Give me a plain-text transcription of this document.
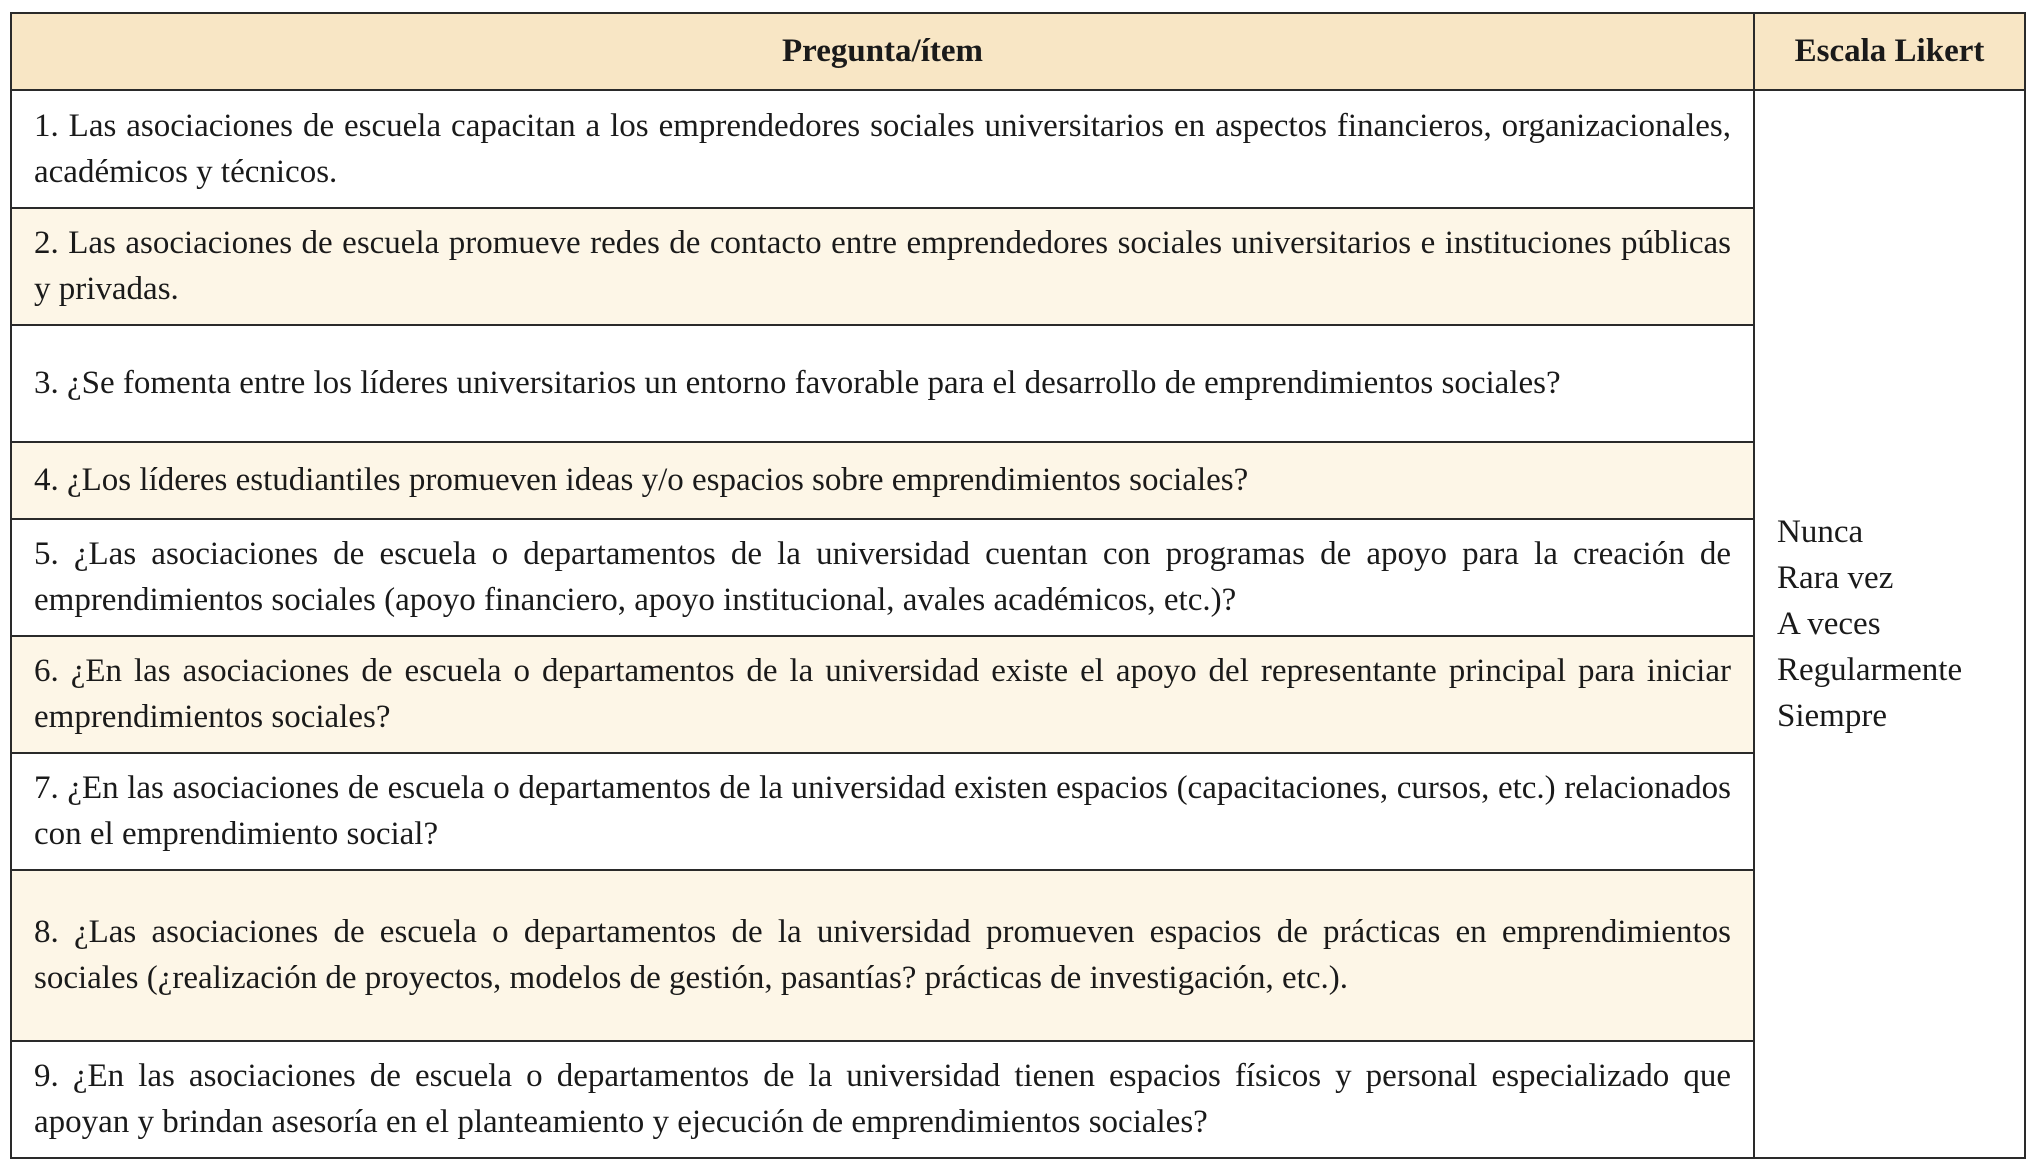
Pregunta/ítem	Escala Likert
1. Las asociaciones de escuela capacitan a los emprendedores sociales universitarios en aspectos financieros, organizacionales, académicos y técnicos.	Nunca
Rara vez
A veces
Regularmente
Siempre

2. Las asociaciones de escuela promueve redes de contacto entre emprendedores sociales universitarios e instituciones públicas y privadas.	
3. ¿Se fomenta entre los líderes universitarios un entorno favorable para el desarrollo de emprendimientos sociales?	
4. ¿Los líderes estudiantiles promueven ideas y/o espacios sobre emprendimientos sociales?	
5. ¿Las asociaciones de escuela o departamentos de la universidad cuentan con programas de apoyo para la creación de emprendimientos sociales (apoyo financiero, apoyo institucional, avales académicos, etc.)?	
6. ¿En las asociaciones de escuela o departamentos de la universidad existe el apoyo del representante principal para iniciar emprendimientos sociales?	
7. ¿En las asociaciones de escuela o departamentos de la universidad existen espacios (capacitaciones, cursos, etc.) relacionados con el emprendimiento social?	
8. ¿Las asociaciones de escuela o departamentos de la universidad promueven espacios de prácticas en emprendimientos sociales (¿realización de proyectos, modelos de gestión, pasantías? prácticas de investigación, etc.).	
9. ¿En las asociaciones de escuela o departamentos de la universidad tienen espacios físicos y personal especializado que apoyan y brindan asesoría en el planteamiento y ejecución de emprendimientos sociales?	
